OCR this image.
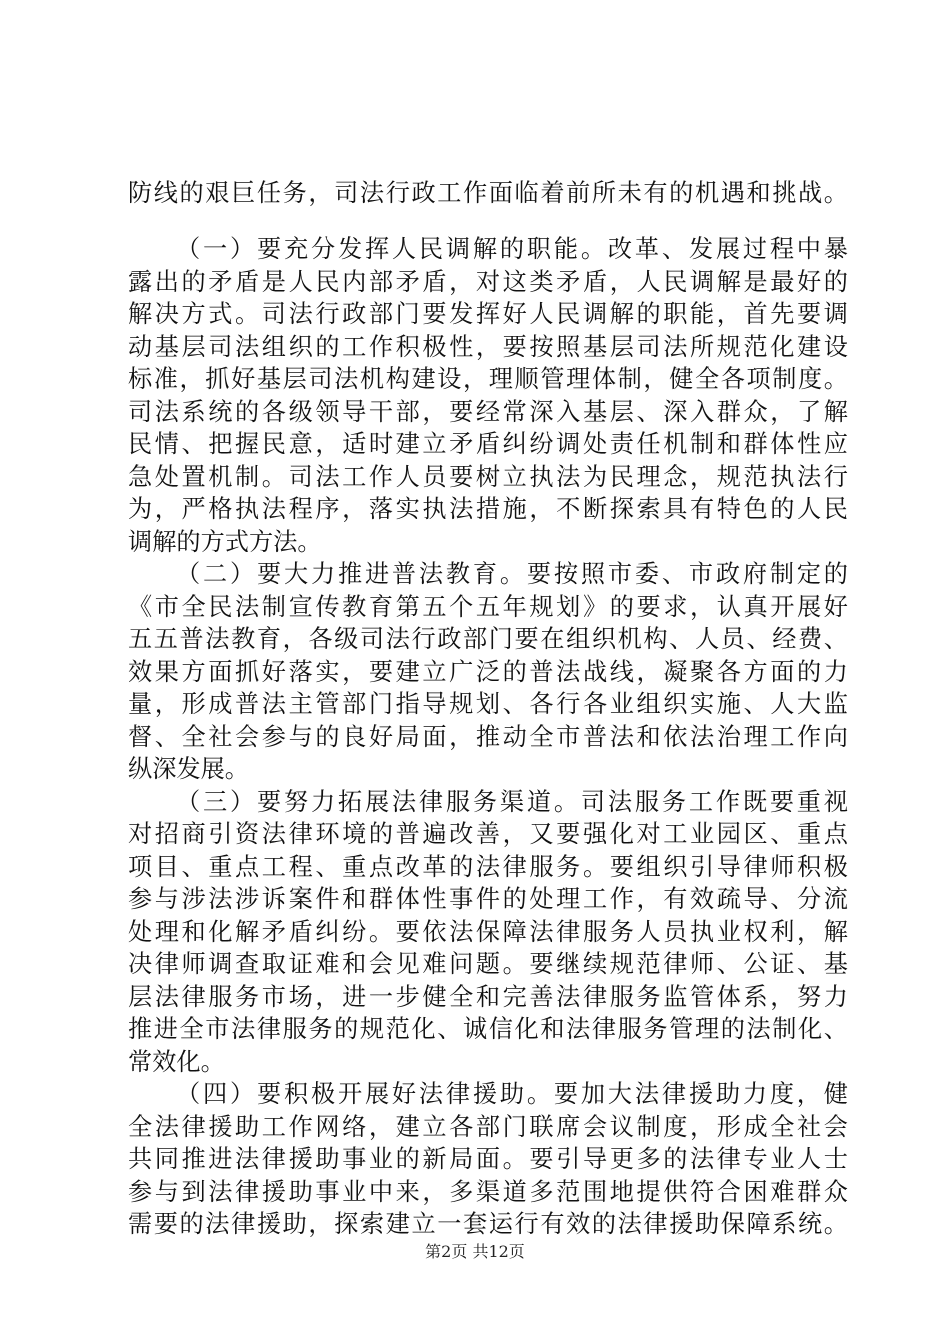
防线的艰巨任务，司法行政工作面临着前所未有的机遇和挑战。
（一）要充分发挥人民调解的职能。改革、发展过程中暴
露出的矛盾是人民内部矛盾，对这类矛盾，人民调解是最好的
解决方式。司法行政部门要发挥好人民调解的职能，首先要调
动基层司法组织的工作积极性，要按照基层司法所规范化建设
标准，抓好基层司法机构建设，理顺管理体制，健全各项制度。
司法系统的各级领导干部，要经常深入基层、深入群众，了解
民情、把握民意，适时建立矛盾纠纷调处责任机制和群体性应
急处置机制。司法工作人员要树立执法为民理念，规范执法行
为，严格执法程序，落实执法措施，不断探索具有特色的人民
调解的方式方法。
（二）要大力推进普法教育。要按照市委、市政府制定的
《市全民法制宣传教育第五个五年规划》的要求，认真开展好
五五普法教育，各级司法行政部门要在组织机构、人员、经费、
效果方面抓好落实，要建立广泛的普法战线，凝聚各方面的力
量，形成普法主管部门指导规划、各行各业组织实施、人大监
督、全社会参与的良好局面，推动全市普法和依法治理工作向
纵深发展。
（三）要努力拓展法律服务渠道。司法服务工作既要重视
对招商引资法律环境的普遍改善，又要强化对工业园区、重点
项目、重点工程、重点改革的法律服务。要组织引导律师积极
参与涉法涉诉案件和群体性事件的处理工作，有效疏导、分流
处理和化解矛盾纠纷。要依法保障法律服务人员执业权利，解
决律师调查取证难和会见难问题。要继续规范律师、公证、基
层法律服务市场，进一步健全和完善法律服务监管体系，努力
推进全市法律服务的规范化、诚信化和法律服务管理的法制化、
常效化。
（四）要积极开展好法律援助。要加大法律援助力度，健
全法律援助工作网络，建立各部门联席会议制度，形成全社会
共同推进法律援助事业的新局面。要引导更多的法律专业人士
第2页 共12页
参与到法律援助事业中来，多渠道多范围地提供符合困难群众
需要的法律援助，探索建立一套运行有效的法律援助保障系统。
